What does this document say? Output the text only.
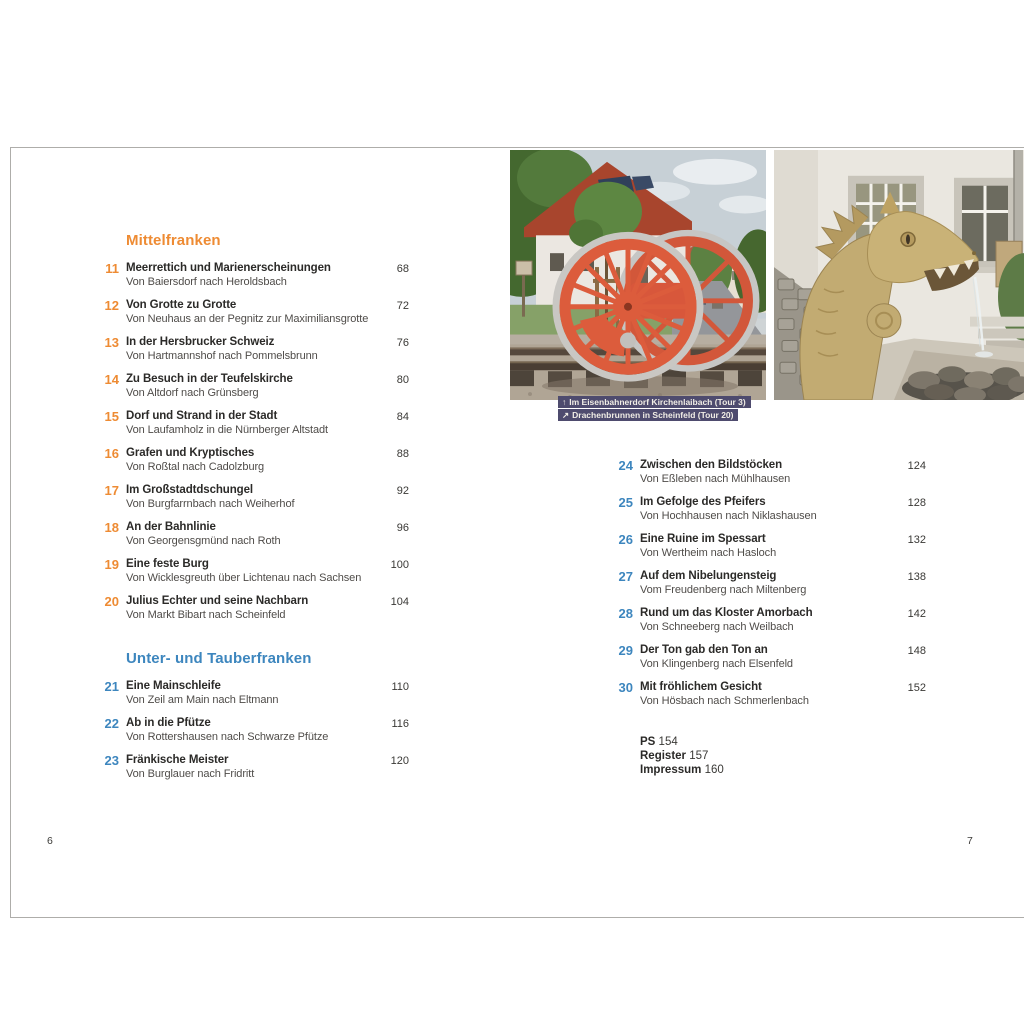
↑ Im Eisenbahnerdorf Kirchenlaibach (Tour 3)
↗ Drachenbrunnen in Scheinfeld (Tour 20)
Mittelfranken
11 Meerrettich und Marienerscheinungen
Von Baiersdorf nach Heroldsbach
68
12 Von Grotte zu Grotte
Von Neuhaus an der Pegnitz zur Maximiliansgrotte
72
13 In der Hersbrucker Schweiz
Von Hartmannshof nach Pommelsbrunn
76
14 Zu Besuch in der Teufelskirche
Von Altdorf nach Grünsberg
80
15 Dorf und Strand in der Stadt
Von Laufamholz in die Nürnberger Altstadt
84
16 Grafen und Kryptisches
Von Roßtal nach Cadolzburg
88
17 Im Großstadtdschungel
Von Burgfarrnbach nach Weiherhof
92
18 An der Bahnlinie
Von Georgensgmünd nach Roth
96
19 Eine feste Burg
Von Wicklesgreuth über Lichtenau nach Sachsen
100
20 Julius Echter und seine Nachbarn
Von Markt Bibart nach Scheinfeld
104
Unter- und Tauberfranken
21 Eine Mainschleife
Von Zeil am Main nach Eltmann
110
22 Ab in die Pfütze
Von Rottershausen nach Schwarze Pfütze
116
23 Fränkische Meister
Von Burglauer nach Fridritt
120
24 Zwischen den Bildstöcken
Von Eßleben nach Mühlhausen
124
25 Im Gefolge des Pfeifers
Von Hochhausen nach Niklashausen
128
26 Eine Ruine im Spessart
Von Wertheim nach Hasloch
132
27 Auf dem Nibelungensteig
Vom Freudenberg nach Miltenberg
138
28 Rund um das Kloster Amorbach
Von Schneeberg nach Weilbach
142
29 Der Ton gab den Ton an
Von Klingenberg nach Elsenfeld
148
30 Mit fröhlichem Gesicht
Von Hösbach nach Schmerlenbach
152
PS 154
Register 157
Impressum 160
6	7
